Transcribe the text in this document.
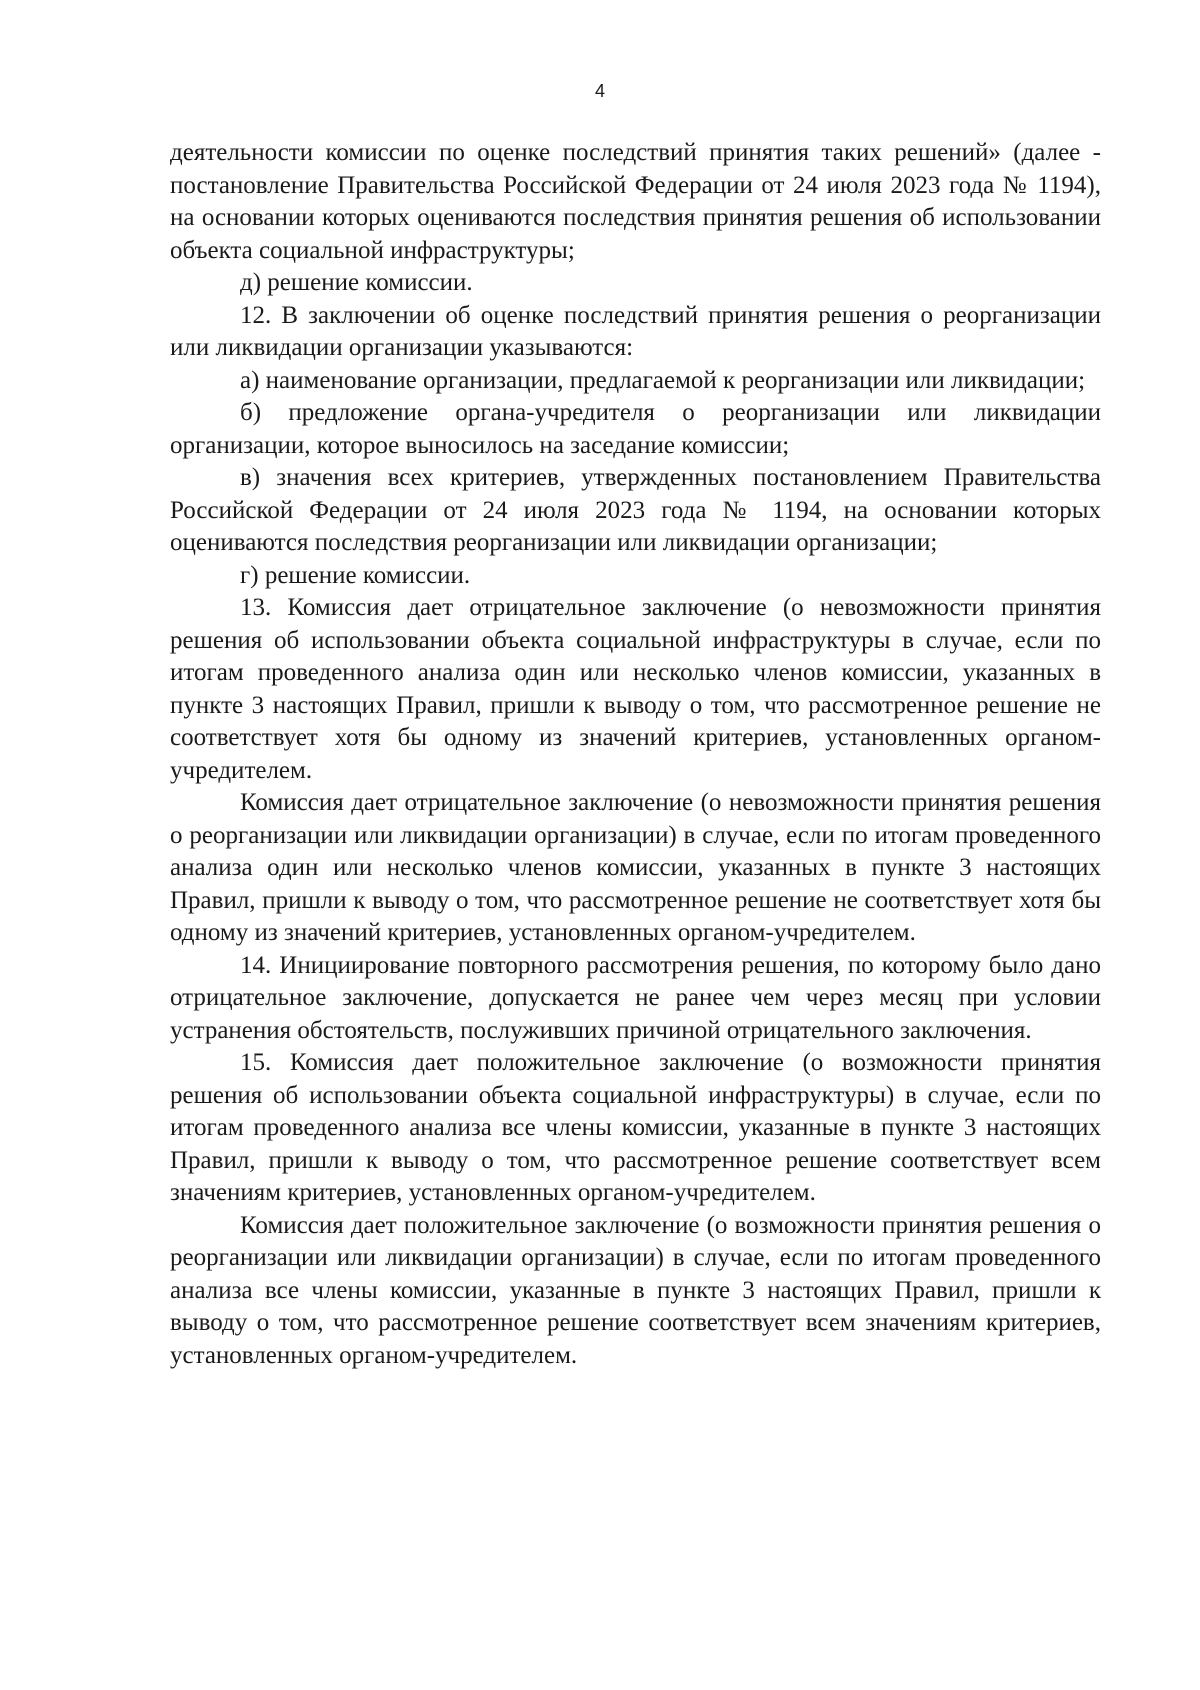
4

деятельности комиссии по оценке последствий принятия таких решений» (далее - постановление Правительства Российской Федерации от 24 июля 2023 года № 1194), на основании которых оцениваются последствия принятия решения об использовании объекта социальной инфраструктуры;

д) решение комиссии.

12. В заключении об оценке последствий принятия решения о реорганизации или ликвидации организации указываются:

а) наименование организации, предлагаемой к реорганизации или ликвидации;

б) предложение органа-учредителя о реорганизации или ликвидации организации, которое выносилось на заседание комиссии;

в) значения всех критериев, утвержденных постановлением Правительства Российской Федерации от 24 июля 2023 года № 1194, на основании которых оцениваются последствия реорганизации или ликвидации организации;

г) решение комиссии.

13. Комиссия дает отрицательное заключение (о невозможности принятия решения об использовании объекта социальной инфраструктуры в случае, если по итогам проведенного анализа один или несколько членов комиссии, указанных в пункте 3 настоящих Правил, пришли к выводу о том, что рассмотренное решение не соответствует хотя бы одному из значений критериев, установленных органом-учредителем.

Комиссия дает отрицательное заключение (о невозможности принятия решения о реорганизации или ликвидации организации) в случае, если по итогам проведенного анализа один или несколько членов комиссии, указанных в пункте 3 настоящих Правил, пришли к выводу о том, что рассмотренное решение не соответствует хотя бы одному из значений критериев, установленных органом-учредителем.

14. Инициирование повторного рассмотрения решения, по которому было дано отрицательное заключение, допускается не ранее чем через месяц при условии устранения обстоятельств, послуживших причиной отрицательного заключения.

15. Комиссия дает положительное заключение (о возможности принятия решения об использовании объекта социальной инфраструктуры) в случае, если по итогам проведенного анализа все члены комиссии, указанные в пункте 3 настоящих Правил, пришли к выводу о том, что рассмотренное решение соответствует всем значениям критериев, установленных органом-учредителем.

Комиссия дает положительное заключение (о возможности принятия решения о реорганизации или ликвидации организации) в случае, если по итогам проведенного анализа все члены комиссии, указанные в пункте 3 настоящих Правил, пришли к выводу о том, что рассмотренное решение соответствует всем значениям критериев, установленных органом-учредителем.
